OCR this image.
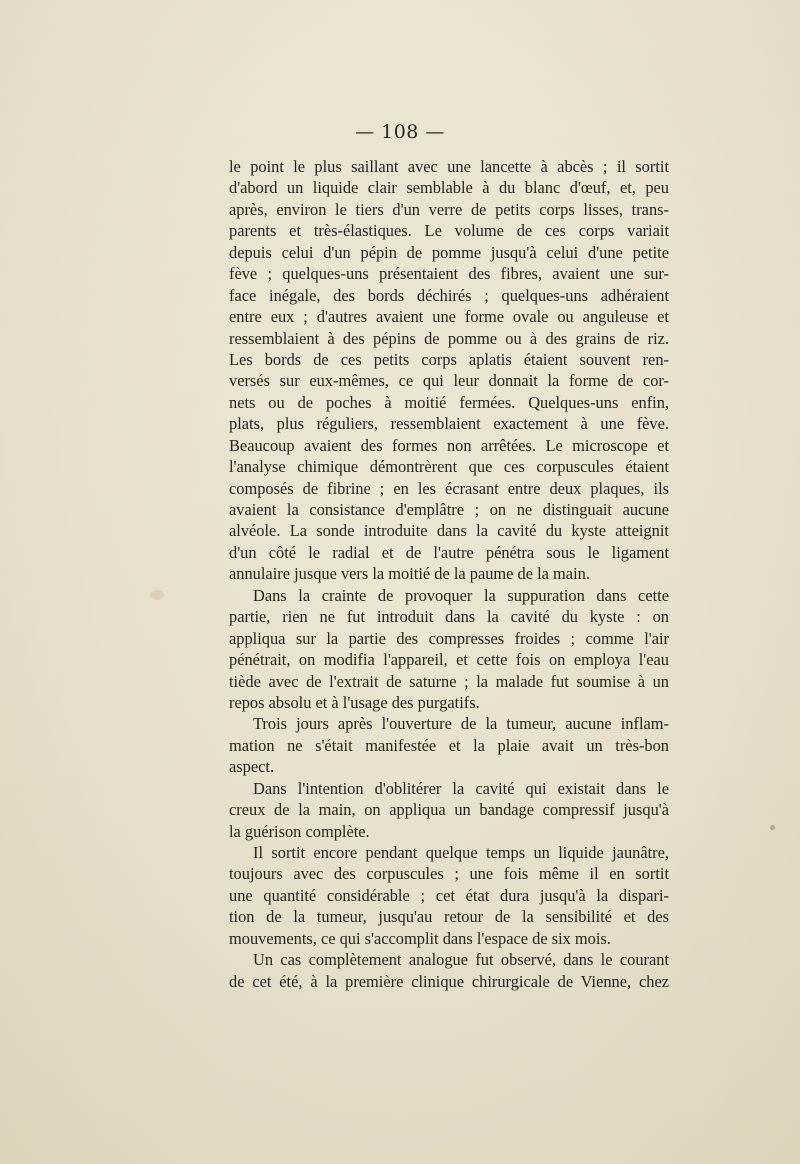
— 108 —
le point le plus saillant avec une lancette à abcès ; il sortit
d'abord un liquide clair semblable à du blanc d'œuf, et, peu
après, environ le tiers d'un verre de petits corps lisses, trans-
parents et très-élastiques. Le volume de ces corps variait
depuis celui d'un pépin de pomme jusqu'à celui d'une petite
fève ; quelques-uns présentaient des fibres, avaient une sur-
face inégale, des bords déchirés ; quelques-uns adhéraient
entre eux ; d'autres avaient une forme ovale ou anguleuse et
ressemblaient à des pépins de pomme ou à des grains de riz.
Les bords de ces petits corps aplatis étaient souvent ren-
versés sur eux-mêmes, ce qui leur donnait la forme de cor-
nets ou de poches à moitié fermées. Quelques-uns enfin,
plats, plus réguliers, ressemblaient exactement à une fève.
Beaucoup avaient des formes non arrêtées. Le microscope et
l'analyse chimique démontrèrent que ces corpuscules étaient
composés de fibrine ; en les écrasant entre deux plaques, ils
avaient la consistance d'emplâtre ; on ne distinguait aucune
alvéole. La sonde introduite dans la cavité du kyste atteignit
d'un côté le radial et de l'autre pénétra sous le ligament
annulaire jusque vers la moitié de la paume de la main.
Dans la crainte de provoquer la suppuration dans cette
partie, rien ne fut introduit dans la cavité du kyste : on
appliqua sur la partie des compresses froides ; comme l'air
pénétrait, on modifia l'appareil, et cette fois on employa l'eau
tiède avec de l'extrait de saturne ; la malade fut soumise à un
repos absolu et à l'usage des purgatifs.
Trois jours après l'ouverture de la tumeur, aucune inflam-
mation ne s'était manifestée et la plaie avait un très-bon
aspect.
Dans l'intention d'oblitérer la cavité qui existait dans le
creux de la main, on appliqua un bandage compressif jusqu'à
la guérison complète.
Il sortit encore pendant quelque temps un liquide jaunâtre,
toujours avec des corpuscules ; une fois même il en sortit
une quantité considérable ; cet état dura jusqu'à la dispari-
tion de la tumeur, jusqu'au retour de la sensibilité et des
mouvements, ce qui s'accomplit dans l'espace de six mois.
Un cas complètement analogue fut observé, dans le courant
de cet été, à la première clinique chirurgicale de Vienne, chez
